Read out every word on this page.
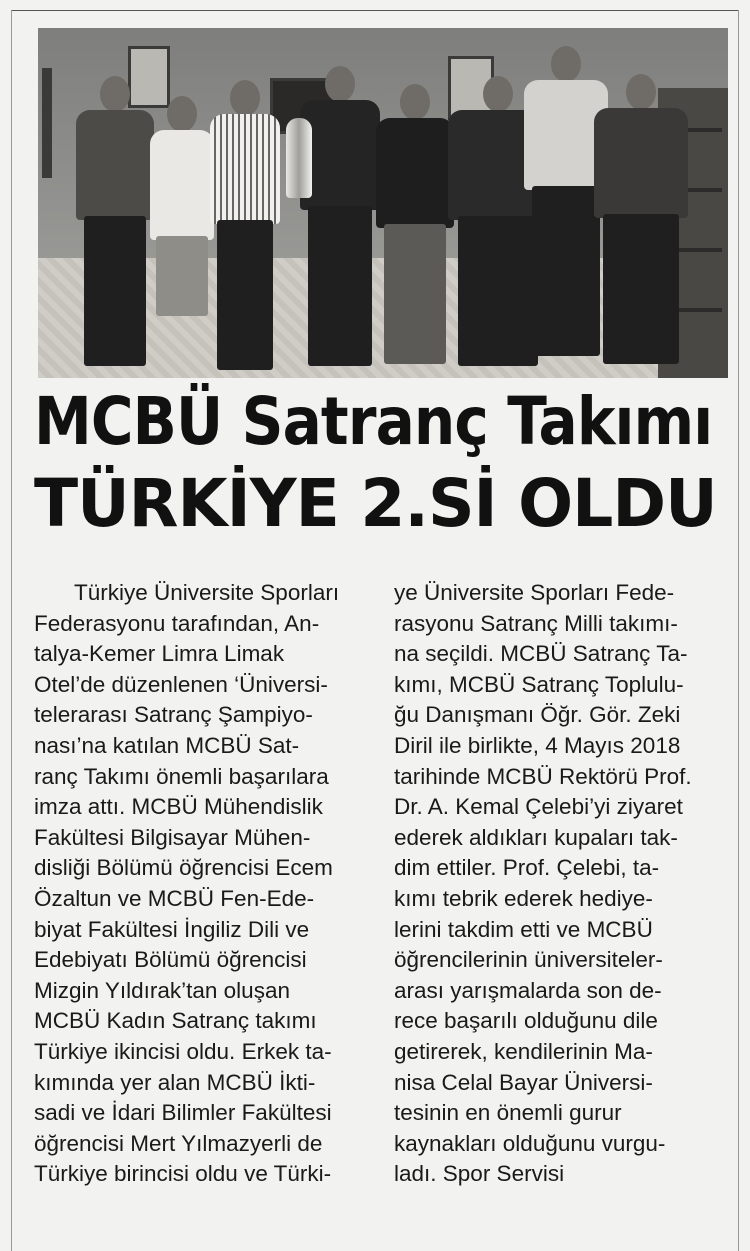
MCBÜ Satranç Takımı
TÜRKİYE 2.Sİ OLDU
Türkiye Üniversite Sporları
Federasyonu tarafından, An-
talya-Kemer Limra Limak
Otel’de düzenlenen ‘Üniversi-
telerarası Satranç Şampiyo-
nası’na katılan MCBÜ Sat-
ranç Takımı önemli başarılara
imza attı. MCBÜ Mühendislik
Fakültesi Bilgisayar Mühen-
disliği Bölümü öğrencisi Ecem
Özaltun ve MCBÜ Fen-Ede-
biyat Fakültesi İngiliz Dili ve
Edebiyatı Bölümü öğrencisi
Mizgin Yıldırak’tan oluşan
MCBÜ Kadın Satranç takımı
Türkiye ikincisi oldu. Erkek ta-
kımında yer alan MCBÜ İkti-
sadi ve İdari Bilimler Fakültesi
öğrencisi Mert Yılmazyerli de
Türkiye birincisi oldu ve Türki-
ye Üniversite Sporları Fede-
rasyonu Satranç Milli takımı-
na seçildi. MCBÜ Satranç Ta-
kımı, MCBÜ Satranç Toplulu-
ğu Danışmanı Öğr. Gör. Zeki
Diril ile birlikte, 4 Mayıs 2018
tarihinde MCBÜ Rektörü Prof.
Dr. A. Kemal Çelebi’yi ziyaret
ederek aldıkları kupaları tak-
dim ettiler. Prof. Çelebi, ta-
kımı tebrik ederek hediye-
lerini takdim etti ve MCBÜ
öğrencilerinin üniversiteler-
arası yarışmalarda son de-
rece başarılı olduğunu dile
getirerek, kendilerinin Ma-
nisa Celal Bayar Üniversi-
tesinin en önemli gurur
kaynakları olduğunu vurgu-
ladı. Spor Servisi
